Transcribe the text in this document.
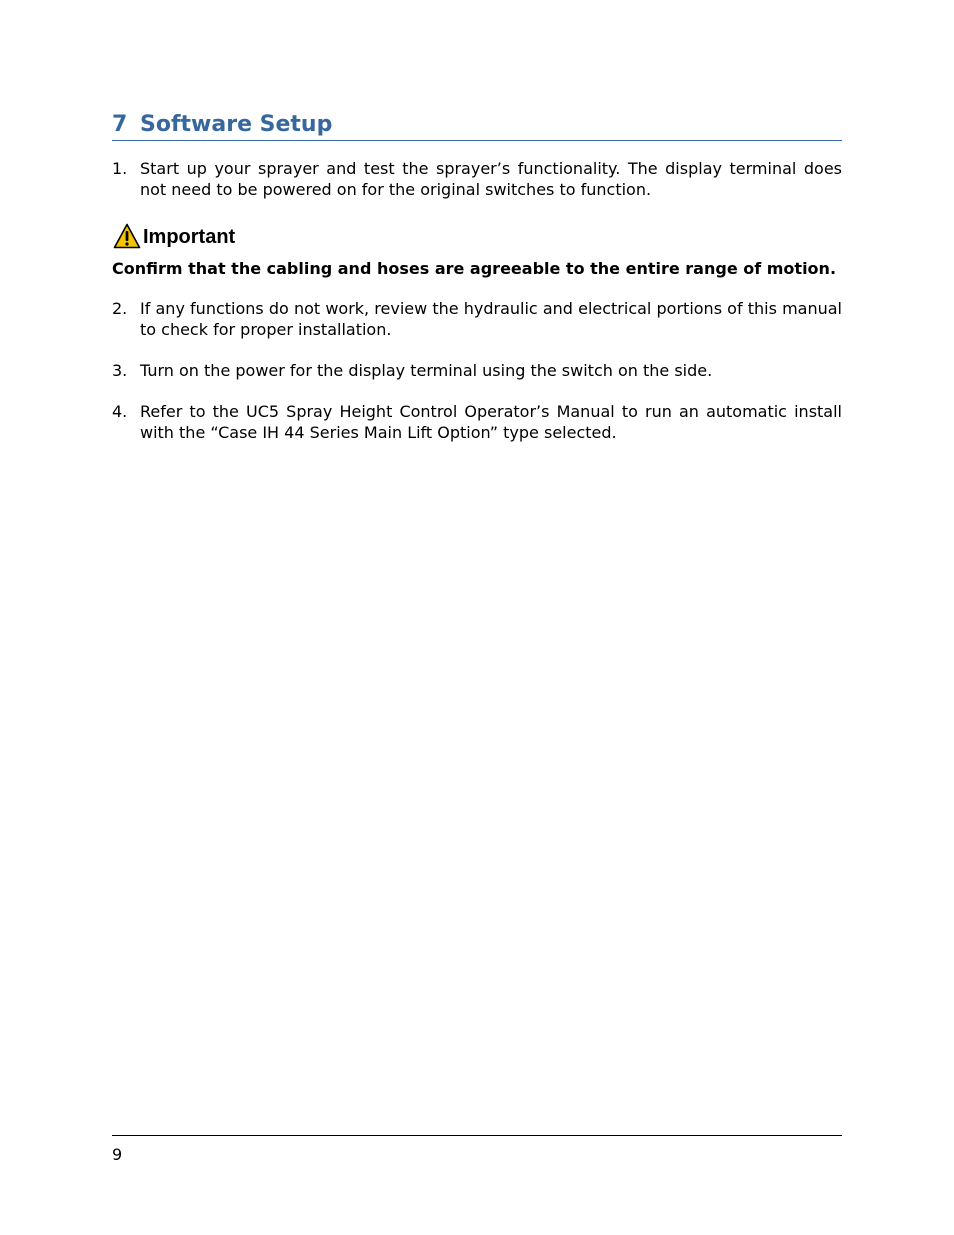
7 Software Setup
1. Start up your sprayer and test the sprayer’s functionality. The display terminal does not need to be powered on for the original switches to function.
Important
Confirm that the cabling and hoses are agreeable to the entire range of motion.
2. If any functions do not work, review the hydraulic and electrical portions of this manual to check for proper installation.
3. Turn on the power for the display terminal using the switch on the side.
4. Refer to the UC5 Spray Height Control Operator’s Manual to run an automatic install with the “Case IH 44 Series Main Lift Option” type selected.
9
